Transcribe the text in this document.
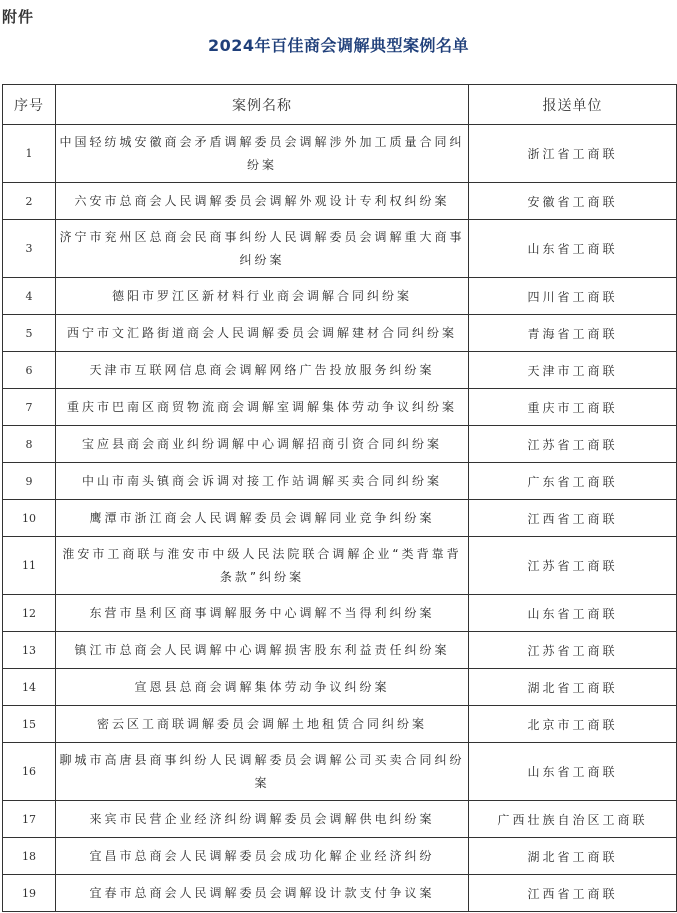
附件
2024年百佳商会调解典型案例名单
序号	案例名称	报送单位
1	中国轻纺城安徽商会矛盾调解委员会调解涉外加工质量合同纠纷案	浙江省工商联
2	六安市总商会人民调解委员会调解外观设计专利权纠纷案	安徽省工商联
3	济宁市兖州区总商会民商事纠纷人民调解委员会调解重大商事纠纷案	山东省工商联
4	德阳市罗江区新材料行业商会调解合同纠纷案	四川省工商联
5	西宁市文汇路街道商会人民调解委员会调解建材合同纠纷案	青海省工商联
6	天津市互联网信息商会调解网络广告投放服务纠纷案	天津市工商联
7	重庆市巴南区商贸物流商会调解室调解集体劳动争议纠纷案	重庆市工商联
8	宝应县商会商业纠纷调解中心调解招商引资合同纠纷案	江苏省工商联
9	中山市南头镇商会诉调对接工作站调解买卖合同纠纷案	广东省工商联
10	鹰潭市浙江商会人民调解委员会调解同业竞争纠纷案	江西省工商联
11	淮安市工商联与淮安市中级人民法院联合调解企业“类背靠背条款”纠纷案	江苏省工商联
12	东营市垦利区商事调解服务中心调解不当得利纠纷案	山东省工商联
13	镇江市总商会人民调解中心调解损害股东利益责任纠纷案	江苏省工商联
14	宣恩县总商会调解集体劳动争议纠纷案	湖北省工商联
15	密云区工商联调解委员会调解土地租赁合同纠纷案	北京市工商联
16	聊城市高唐县商事纠纷人民调解委员会调解公司买卖合同纠纷案	山东省工商联
17	来宾市民营企业经济纠纷调解委员会调解供电纠纷案	广西壮族自治区工商联
18	宜昌市总商会人民调解委员会成功化解企业经济纠纷	湖北省工商联
19	宜春市总商会人民调解委员会调解设计款支付争议案	江西省工商联
